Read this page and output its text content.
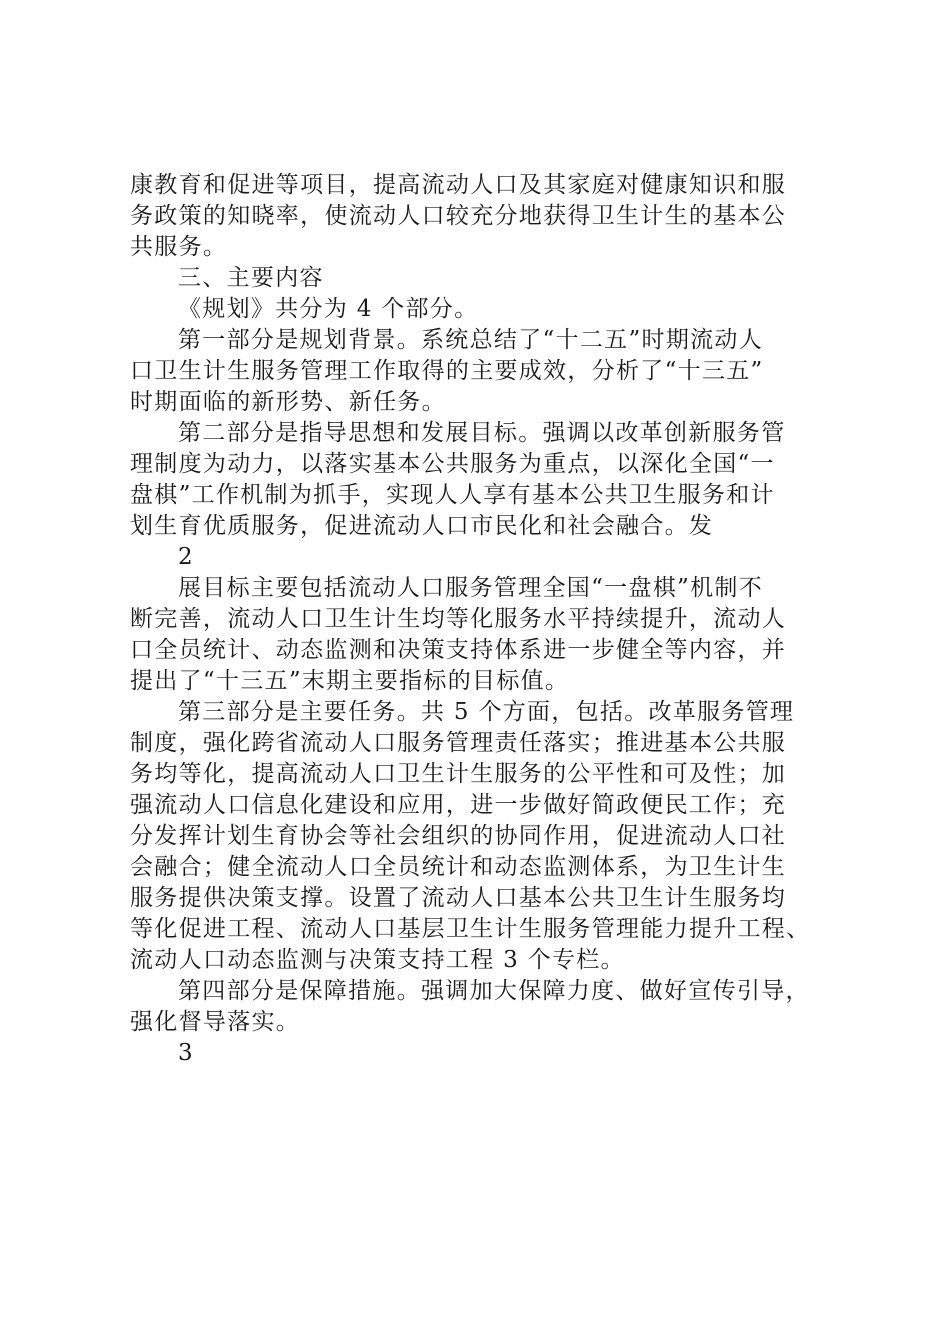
康教育和促进等项目，提高流动人口及其家庭对健康知识和服
务政策的知晓率，使流动人口较充分地获得卫生计生的基本公
共服务。
三、主要内容
《规划》共分为 4 个部分。
第一部分是规划背景。系统总结了“十二五”时期流动人
口卫生计生服务管理工作取得的主要成效，分析了“十三五”
时期面临的新形势、新任务。
第二部分是指导思想和发展目标。强调以改革创新服务管
理制度为动力，以落实基本公共服务为重点，以深化全国“一
盘棋”工作机制为抓手，实现人人享有基本公共卫生服务和计
划生育优质服务，促进流动人口市民化和社会融合。发
2
展目标主要包括流动人口服务管理全国“一盘棋”机制不
断完善，流动人口卫生计生均等化服务水平持续提升，流动人
口全员统计、动态监测和决策支持体系进一步健全等内容，并
提出了“十三五”末期主要指标的目标值。
第三部分是主要任务。共 5 个方面，包括。改革服务管理
制度，强化跨省流动人口服务管理责任落实；推进基本公共服
务均等化，提高流动人口卫生计生服务的公平性和可及性；加
强流动人口信息化建设和应用，进一步做好简政便民工作；充
分发挥计划生育协会等社会组织的协同作用，促进流动人口社
会融合；健全流动人口全员统计和动态监测体系，为卫生计生
服务提供决策支撑。设置了流动人口基本公共卫生计生服务均
等化促进工程、流动人口基层卫生计生服务管理能力提升工程、
流动人口动态监测与决策支持工程 3 个专栏。
第四部分是保障措施。强调加大保障力度、做好宣传引导，
强化督导落实。
3
